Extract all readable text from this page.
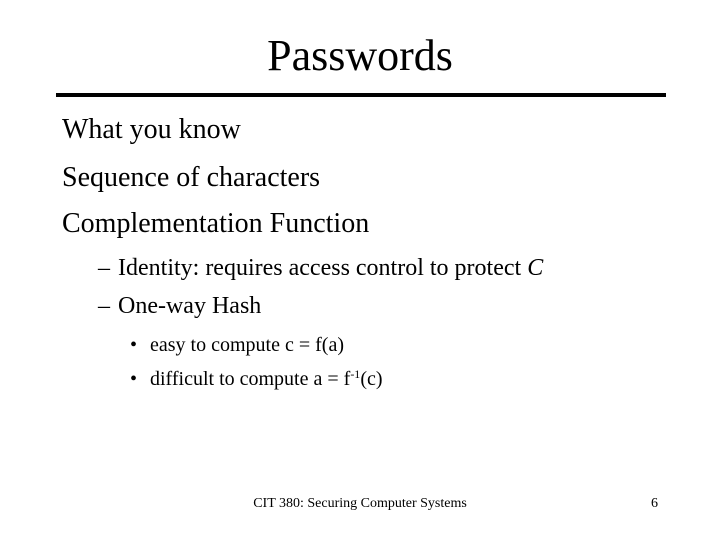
Passwords
What you know
Sequence of characters
Complementation Function
– Identity: requires access control to protect C
– One-way Hash
• easy to compute c = f(a)
• difficult to compute $a = f^{-1}(c)$
CIT 380: Securing Computer Systems	6
